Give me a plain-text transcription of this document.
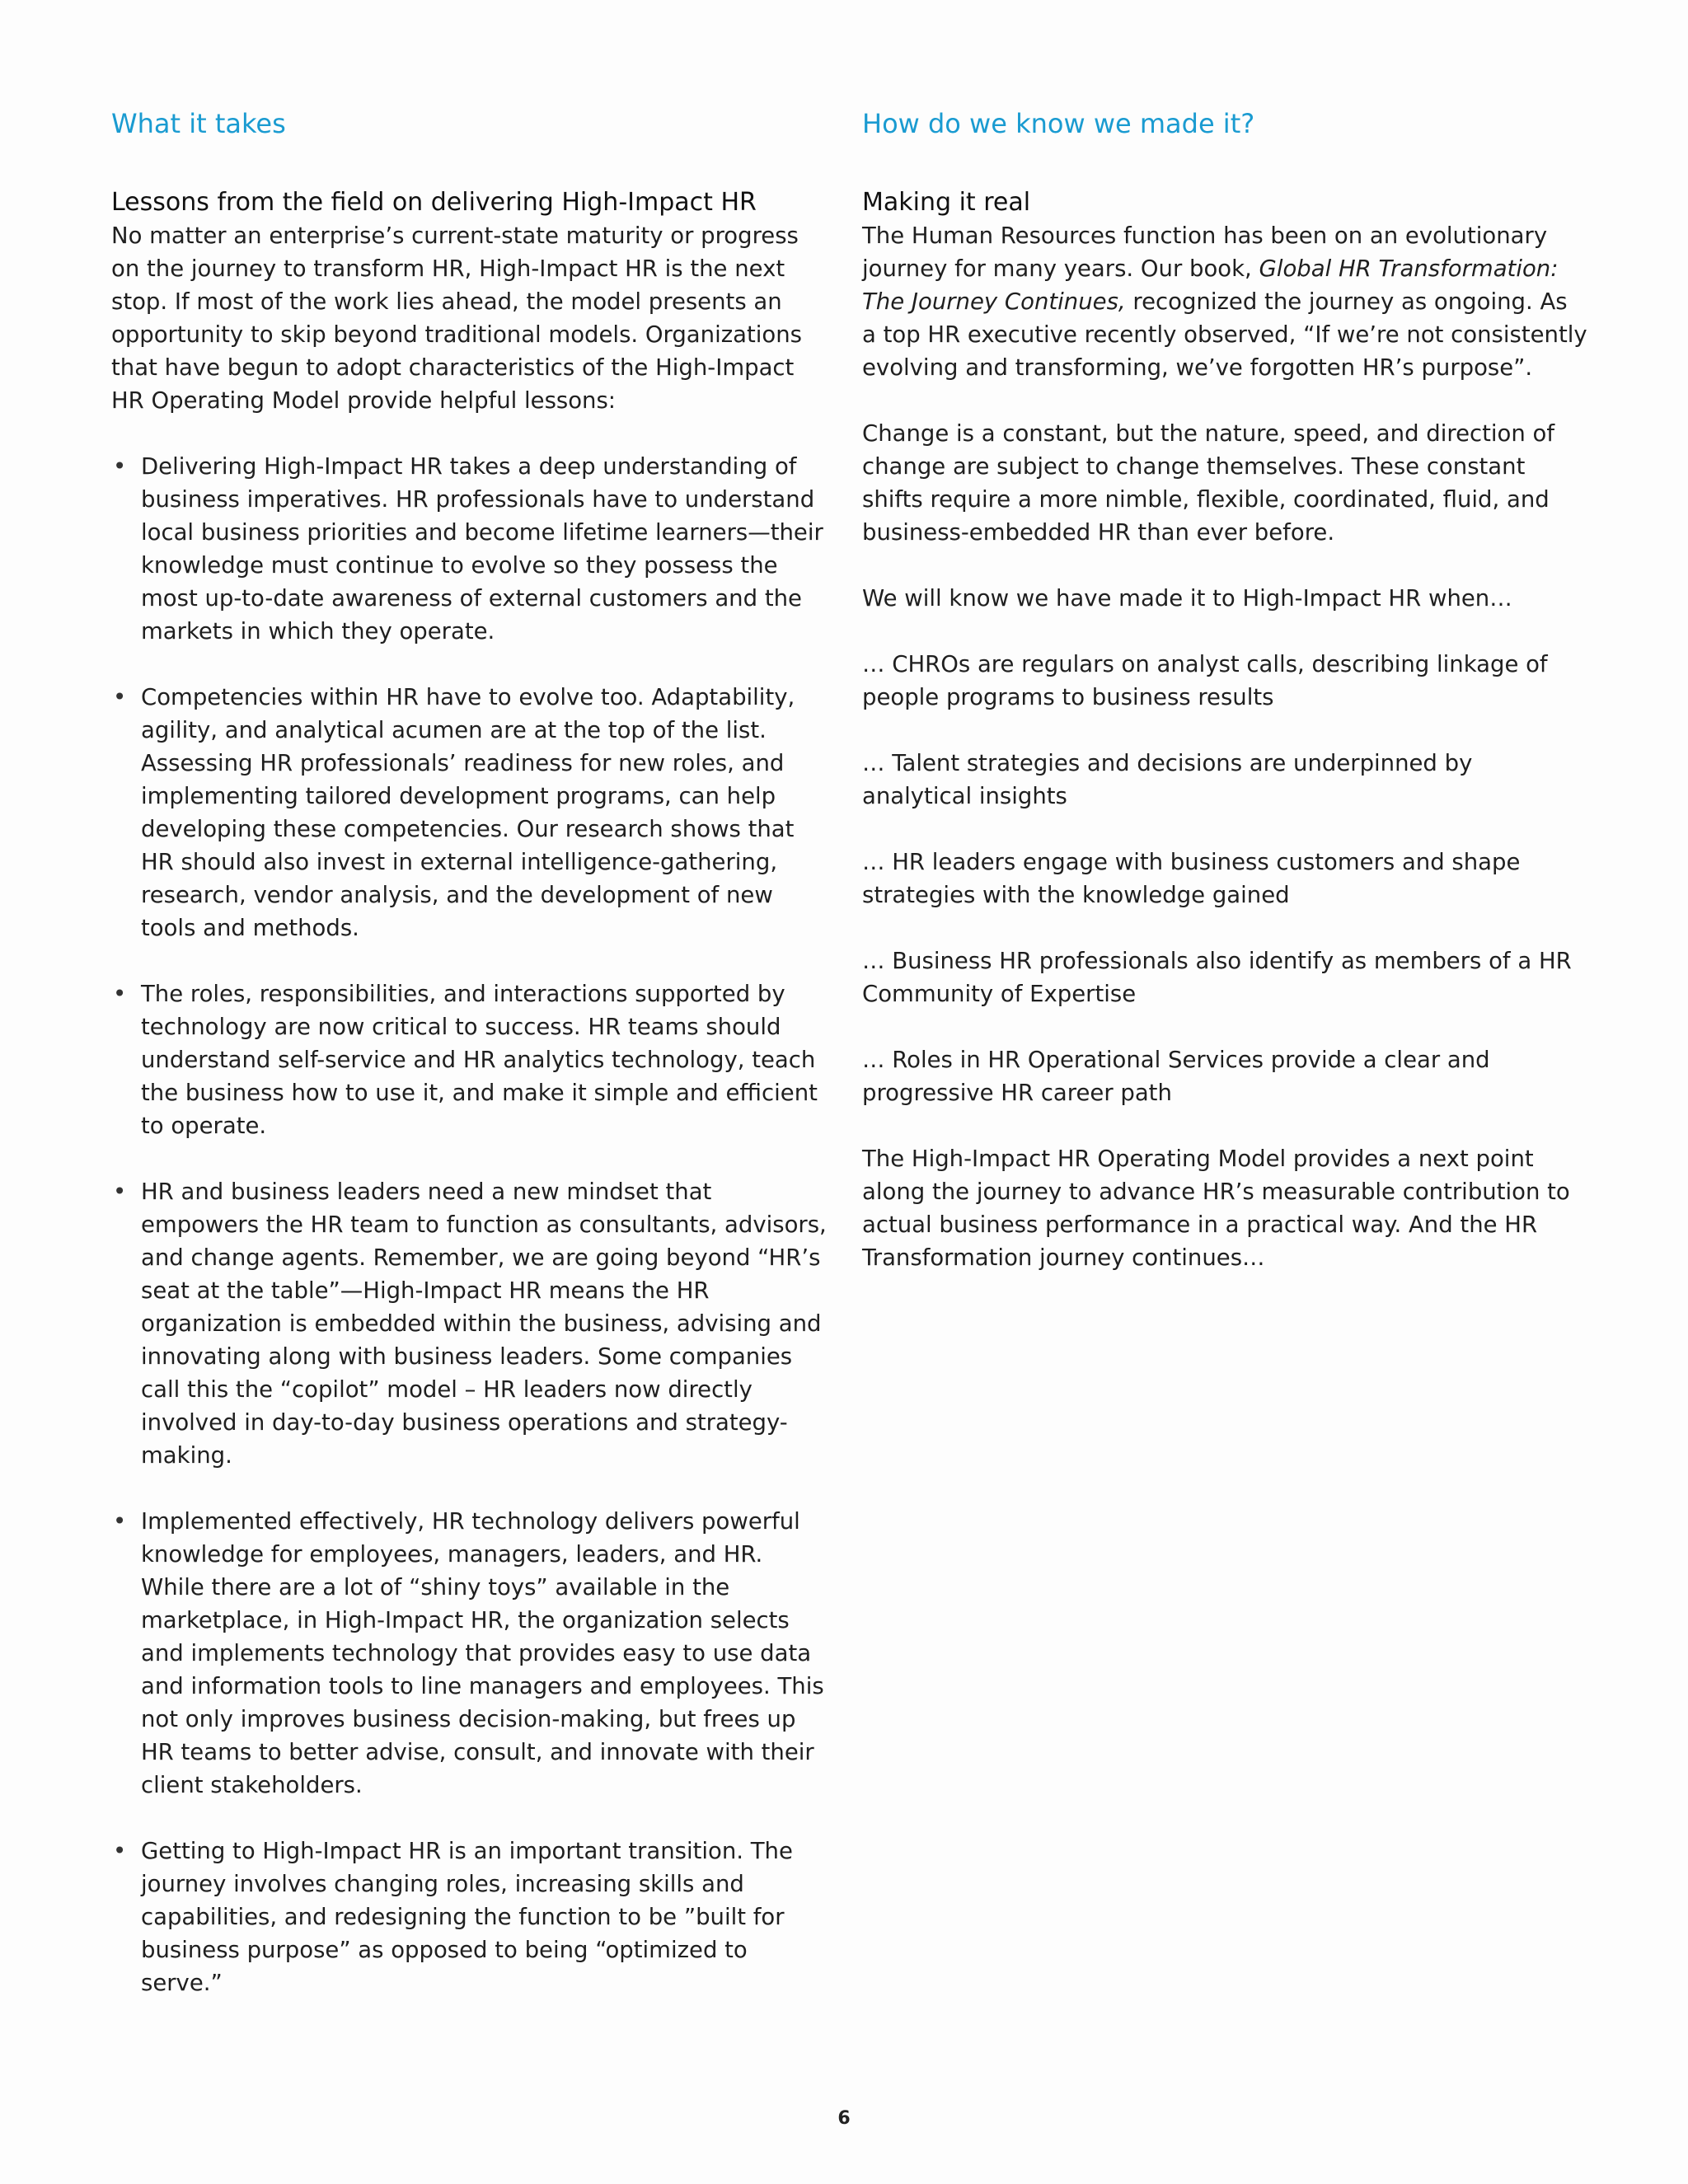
What it takes
Lessons from the field on delivering High-Impact HR

No matter an enterprise’s current-state maturity or progress on the journey to transform HR, High-Impact HR is the next stop. If most of the work lies ahead, the model presents an opportunity to skip beyond traditional models. Organizations that have begun to adopt characteristics of the High-Impact HR Operating Model provide helpful lessons:

• Delivering High-Impact HR takes a deep understanding of business imperatives. HR professionals have to understand local business priorities and become lifetime learners—their knowledge must continue to evolve so they possess the most up-to-date awareness of external customers and the markets in which they operate.
• Competencies within HR have to evolve too. Adaptability, agility, and analytical acumen are at the top of the list. Assessing HR professionals’ readiness for new roles, and implementing tailored development programs, can help developing these competencies. Our research shows that HR should also invest in external intelligence-gathering, research, vendor analysis, and the development of new tools and methods.
• The roles, responsibilities, and interactions supported by technology are now critical to success. HR teams should understand self-service and HR analytics technology, teach the business how to use it, and make it simple and efficient to operate.
• HR and business leaders need a new mindset that empowers the HR team to function as consultants, advisors, and change agents. Remember, we are going beyond “HR’s seat at the table”—High-Impact HR means the HR organization is embedded within the business, advising and innovating along with business leaders. Some companies call this the “copilot” model – HR leaders now directly involved in day-to-day business operations and strategy-making.
• Implemented effectively, HR technology delivers powerful knowledge for employees, managers, leaders, and HR. While there are a lot of “shiny toys” available in the marketplace, in High-Impact HR, the organization selects and implements technology that provides easy to use data and information tools to line managers and employees. This not only improves business decision-making, but frees up HR teams to better advise, consult, and innovate with their client stakeholders.
• Getting to High-Impact HR is an important transition. The journey involves changing roles, increasing skills and capabilities, and redesigning the function to be ”built for business purpose” as opposed to being “optimized to serve.”
How do we know we made it?
Making it real

The Human Resources function has been on an evolutionary journey for many years. Our book, Global HR Transformation: The Journey Continues, recognized the journey as ongoing. As a top HR executive recently observed, “If we’re not consistently evolving and transforming, we’ve forgotten HR’s purpose”.

Change is a constant, but the nature, speed, and direction of change are subject to change themselves. These constant shifts require a more nimble, flexible, coordinated, fluid, and business-embedded HR than ever before.

We will know we have made it to High-Impact HR when…

… CHROs are regulars on analyst calls, describing linkage of people programs to business results

… Talent strategies and decisions are underpinned by analytical insights

… HR leaders engage with business customers and shape strategies with the knowledge gained

… Business HR professionals also identify as members of a HR Community of Expertise

… Roles in HR Operational Services provide a clear and progressive HR career path

The High-Impact HR Operating Model provides a next point along the journey to advance HR’s measurable contribution to actual business performance in a practical way. And the HR Transformation journey continues…

6
